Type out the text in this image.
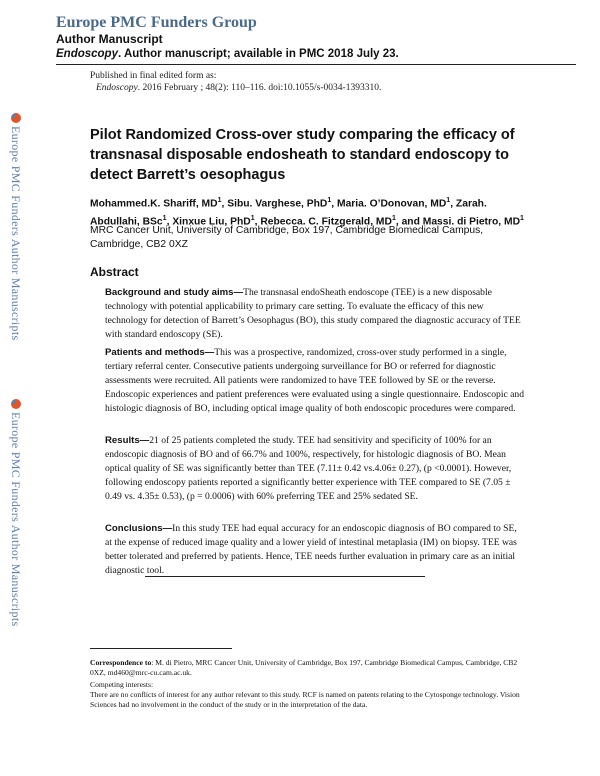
Europe PMC Funders Group
Author Manuscript
Endoscopy. Author manuscript; available in PMC 2018 July 23.
Published in final edited form as:
Endoscopy. 2016 February ; 48(2): 110–116. doi:10.1055/s-0034-1393310.
Europe PMC Funders Author Manuscripts
Europe PMC Funders Author Manuscripts
Pilot Randomized Cross-over study comparing the efficacy of transnasal disposable endosheath to standard endoscopy to detect Barrett’s oesophagus
Mohammed.K. Shariff, $MD^1$, Sibu. Varghese, PhD$^1$, Maria. O’Donovan, $MD^1$, Zarah. Abdullahi, BSc$^1$, Xinxue Liu, PhD$^1$, Rebecca. C. Fitzgerald, $MD^1$, and Massi. di Pietro, $MD^1$
MRC Cancer Unit, University of Cambridge, Box 197, Cambridge Biomedical Campus, Cambridge, CB2 0XZ
Abstract
Background and study aims—The transnasal endoSheath endoscope (TEE) is a new disposable technology with potential applicability to primary care setting. To evaluate the efficacy of this new technology for detection of Barrett’s Oesophagus (BO), this study compared the diagnostic accuracy of TEE with standard endoscopy (SE).
Patients and methods—This was a prospective, randomized, cross-over study performed in a single, tertiary referral center. Consecutive patients undergoing surveillance for BO or referred for diagnostic assessments were recruited. All patients were randomized to have TEE followed by SE or the reverse. Endoscopic experiences and patient preferences were evaluated using a single questionnaire. Endoscopic and histologic diagnosis of BO, including optical image quality of both endoscopic procedures were compared.
Results—21 of 25 patients completed the study. TEE had sensitivity and specificity of 100% for an endoscopic diagnosis of BO and of 66.7% and 100%, respectively, for histologic diagnosis of BO. Mean optical quality of SE was significantly better than TEE (7.11± 0.42 vs.4.06± 0.27), (p <0.0001). However, following endoscopy patients reported a significantly better experience with TEE compared to SE (7.05 ± 0.49 vs. 4.35± 0.53), (p = 0.0006) with 60% preferring TEE and 25% sedated SE.
Conclusions—In this study TEE had equal accuracy for an endoscopic diagnosis of BO compared to SE, at the expense of reduced image quality and a lower yield of intestinal metaplasia (IM) on biopsy. TEE was better tolerated and preferred by patients. Hence, TEE needs further evaluation in primary care as an initial diagnostic tool.
Correspondence to: M. di Pietro, MRC Cancer Unit, University of Cambridge, Box 197, Cambridge Biomedical Campus, Cambridge, CB2 0XZ, md460@mrc-cu.cam.ac.uk.
Competing interests:
There are no conflicts of interest for any author relevant to this study. RCF is named on patents relating to the Cytosponge technology. Vision Sciences had no involvement in the conduct of the study or in the interpretation of the data.
